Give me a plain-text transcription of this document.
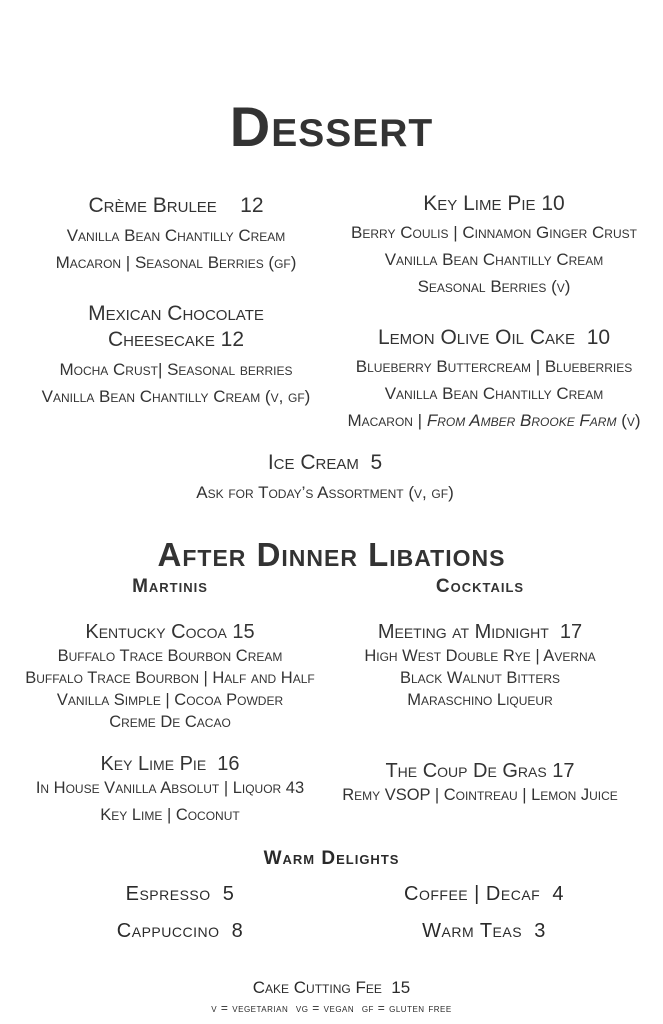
Dessert
Crème Brulee 12
Vanilla Bean Chantilly Cream
Macaron | Seasonal Berries (gf)
Key Lime Pie 10
Berry Coulis | Cinnamon Ginger Crust
Vanilla Bean Chantilly Cream
Seasonal Berries (v)
Mexican Chocolate
Cheesecake 12
Mocha Crust| Seasonal berries
Vanilla Bean Chantilly Cream (v, gf)
Lemon Olive Oil Cake 10
Blueberry Buttercream | Blueberries
Vanilla Bean Chantilly Cream
Macaron | From Amber Brooke Farm (v)
Ice Cream 5
Ask for Today’s Assortment (v, gf)
After Dinner Libations
Martinis	Cocktails
Kentucky Cocoa 15
Buffalo Trace Bourbon Cream
Buffalo Trace Bourbon | Half and Half
Vanilla Simple | Cocoa Powder
Creme De Cacao
Meeting at Midnight 17
High West Double Rye | Averna
Black Walnut Bitters
Maraschino Liqueur
Key Lime Pie 16
In House Vanilla Absolut | Liquor 43
Key Lime | Coconut
The Coup De Gras 17
Remy VSOP | Cointreau | Lemon Juice
Warm Delights
Espresso 5	Coffee | Decaf 4
Cappuccino 8	Warm Teas 3
Cake Cutting Fee 15
v = vegetarian  vg = vegan  gf = gluten free
